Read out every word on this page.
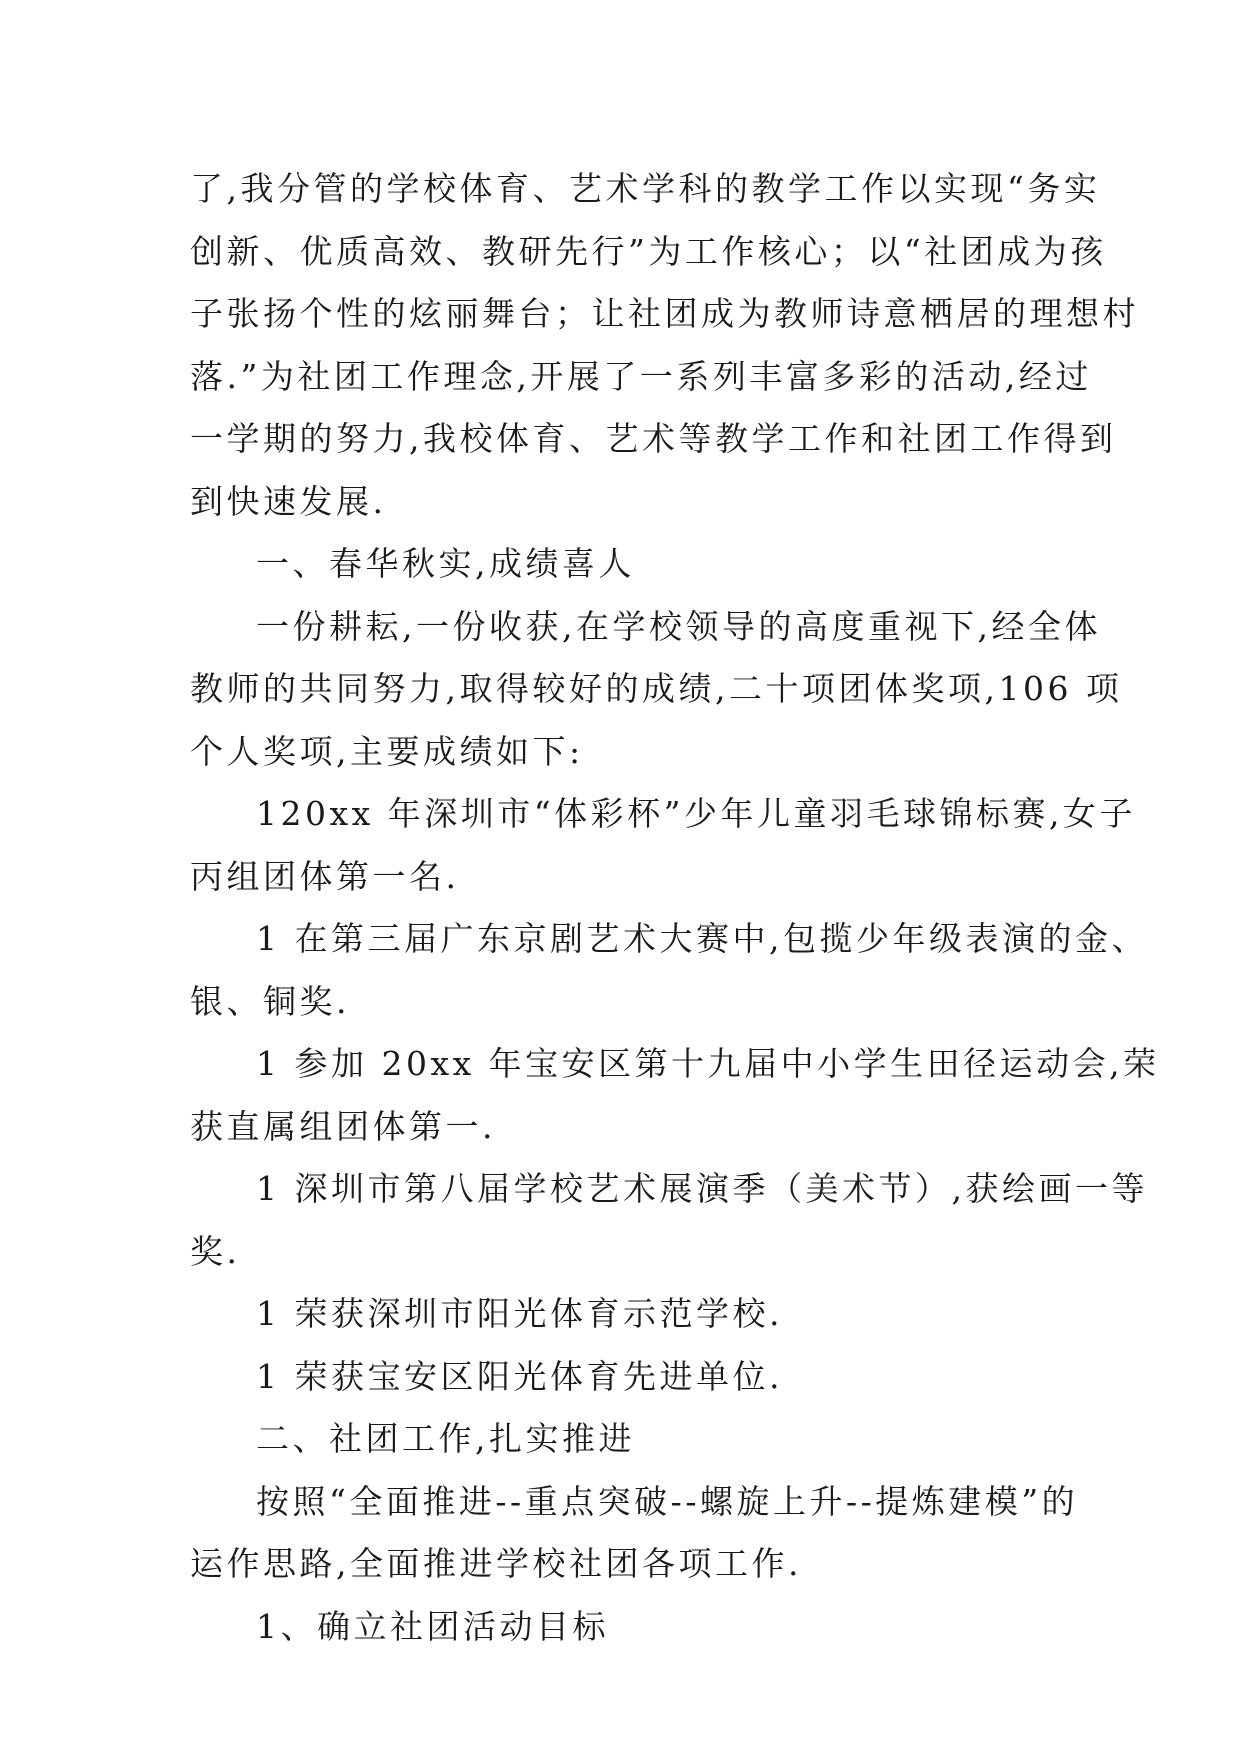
了,我分管的学校体育、艺术学科的教学工作以实现“务实
创新、优质高效、教研先行”为工作核心；以“社团成为孩
子张扬个性的炫丽舞台；让社团成为教师诗意栖居的理想村
落.”为社团工作理念,开展了一系列丰富多彩的活动,经过
一学期的努力,我校体育、艺术等教学工作和社团工作得到
到快速发展.

一、春华秋实,成绩喜人

一份耕耘,一份收获,在学校领导的高度重视下,经全体
教师的共同努力,取得较好的成绩,二十项团体奖项,106 项
个人奖项,主要成绩如下:

120xx 年深圳市“体彩杯”少年儿童羽毛球锦标赛,女子
丙组团体第一名.

1 在第三届广东京剧艺术大赛中,包揽少年级表演的金、
银、铜奖.

1 参加 20xx 年宝安区第十九届中小学生田径运动会,荣
获直属组团体第一.

1 深圳市第八届学校艺术展演季（美术节）,获绘画一等
奖.

1 荣获深圳市阳光体育示范学校.

1 荣获宝安区阳光体育先进单位.

二、社团工作,扎实推进

按照“全面推进--重点突破--螺旋上升--提炼建模”的
运作思路,全面推进学校社团各项工作.

1、确立社团活动目标
